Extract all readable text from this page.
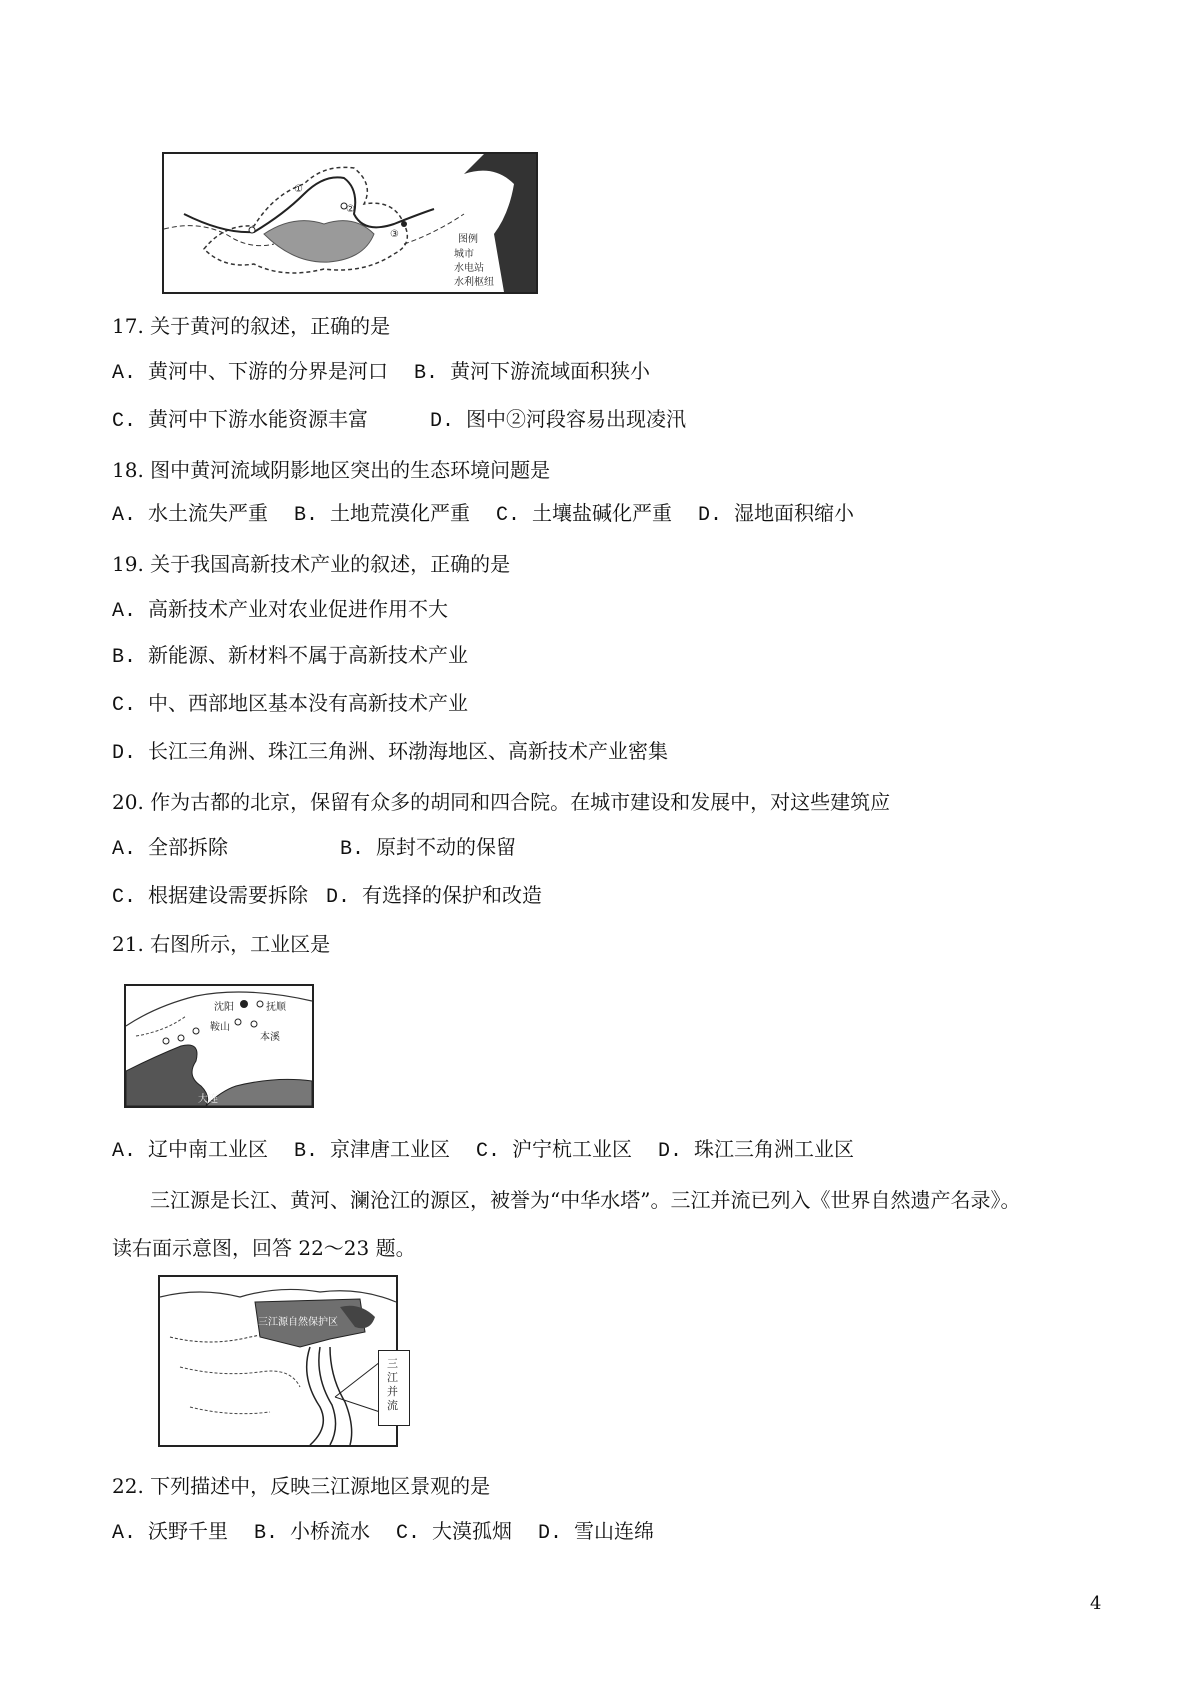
①
②
③	图例
城市
水电站
水利枢纽
17. 关于黄河的叙述，正确的是
A. 黄河中、下游的分界是河口 B. 黄河下游流域面积狭小
C. 黄河中下游水能资源丰富	D. 图中②河段容易出现凌汛
18. 图中黄河流域阴影地区突出的生态环境问题是
A. 水土流失严重 B. 土地荒漠化严重 C. 土壤盐碱化严重 D. 湿地面积缩小
19. 关于我国高新技术产业的叙述，正确的是
A. 高新技术产业对农业促进作用不大
B. 新能源、新材料不属于高新技术产业
C. 中、西部地区基本没有高新技术产业
D. 长江三角洲、珠江三角洲、环渤海地区、高新技术产业密集
20. 作为古都的北京，保留有众多的胡同和四合院。在城市建设和发展中，对这些建筑应
A. 全部拆除	B. 原封不动的保留
C. 根据建设需要拆除 D. 有选择的保护和改造
21. 右图所示，工业区是
沈阳	抚顺
鞍山
本溪
大连
A. 辽中南工业区 B. 京津唐工业区 C. 沪宁杭工业区 D. 珠江三角洲工业区
三江源是长江、黄河、澜沧江的源区，被誉为“中华水塔”。三江并流已列入《世界自然遗产名录》。
读右面示意图，回答 22～23 题。
三江源自然保护区
三江并流
22. 下列描述中，反映三江源地区景观的是
A. 沃野千里 B. 小桥流水 C. 大漠孤烟 D. 雪山连绵
4
